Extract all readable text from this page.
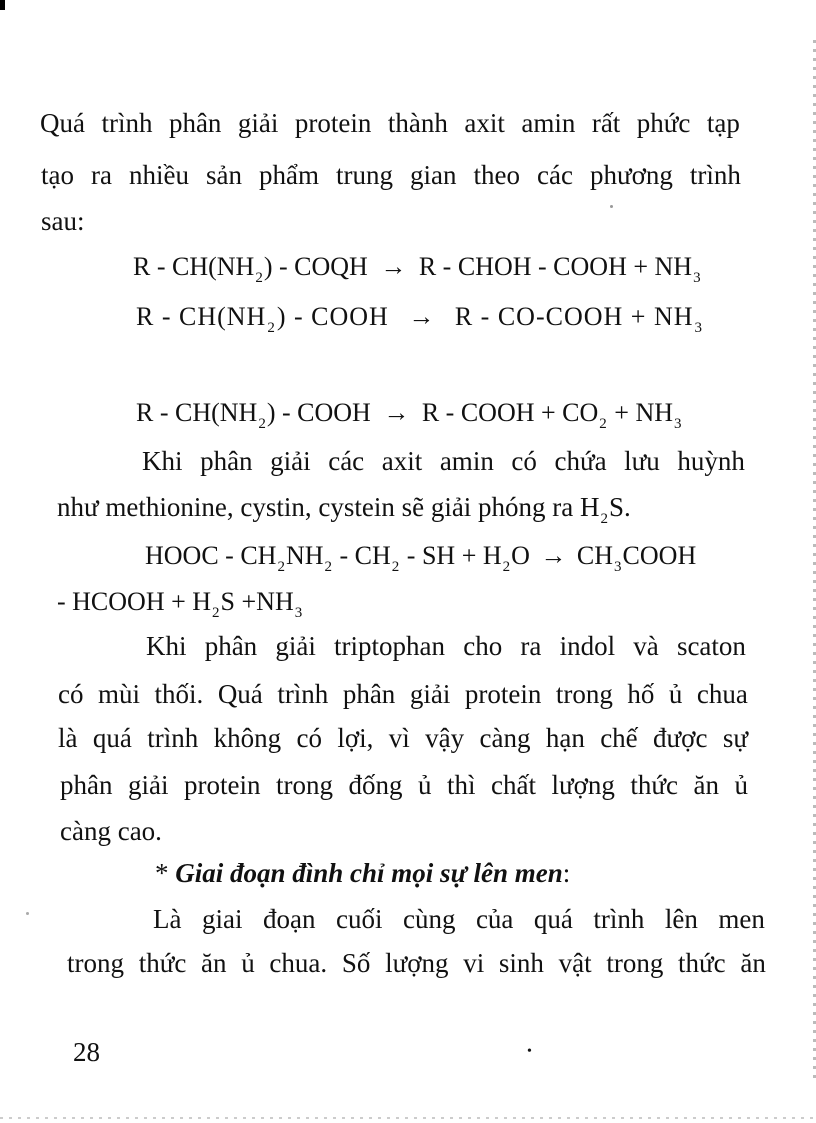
Quá trình phân giải protein thành axit amin rất phức tạp
tạo ra nhiều sản phẩm trung gian theo các phương trình
sau:
R - $CH(NH_2)$ - COQH → R - CHOH - COOH + $NH_3$
R - $CH(NH_2)$ - COOH → R - CO-COOH + $NH_3$
R - $CH(NH_2)$ - COOH → R - COOH + $CO_2 + NH_3$
Khi phân giải các axit amin có chứa lưu huỳnh
như methionine, cystin, cystein sẽ giải phóng ra $H_2S$.
HOOC - $CH_2NH_2 - CH_2$ - SH + $H_2O$ → $CH_3COOH$
- HCOOH + $H_2S +NH_3$
Khi phân giải triptophan cho ra indol và scaton
có mùi thối. Quá trình phân giải protein trong hố ủ chua
là quá trình không có lợi, vì vậy càng hạn chế được sự
phân giải protein trong đống ủ thì chất lượng thức ăn ủ
càng cao.
* Giai đoạn đình chỉ mọi sự lên men:
Là giai đoạn cuối cùng của quá trình lên men
trong thức ăn ủ chua. Số lượng vi sinh vật trong thức ăn
28	•
